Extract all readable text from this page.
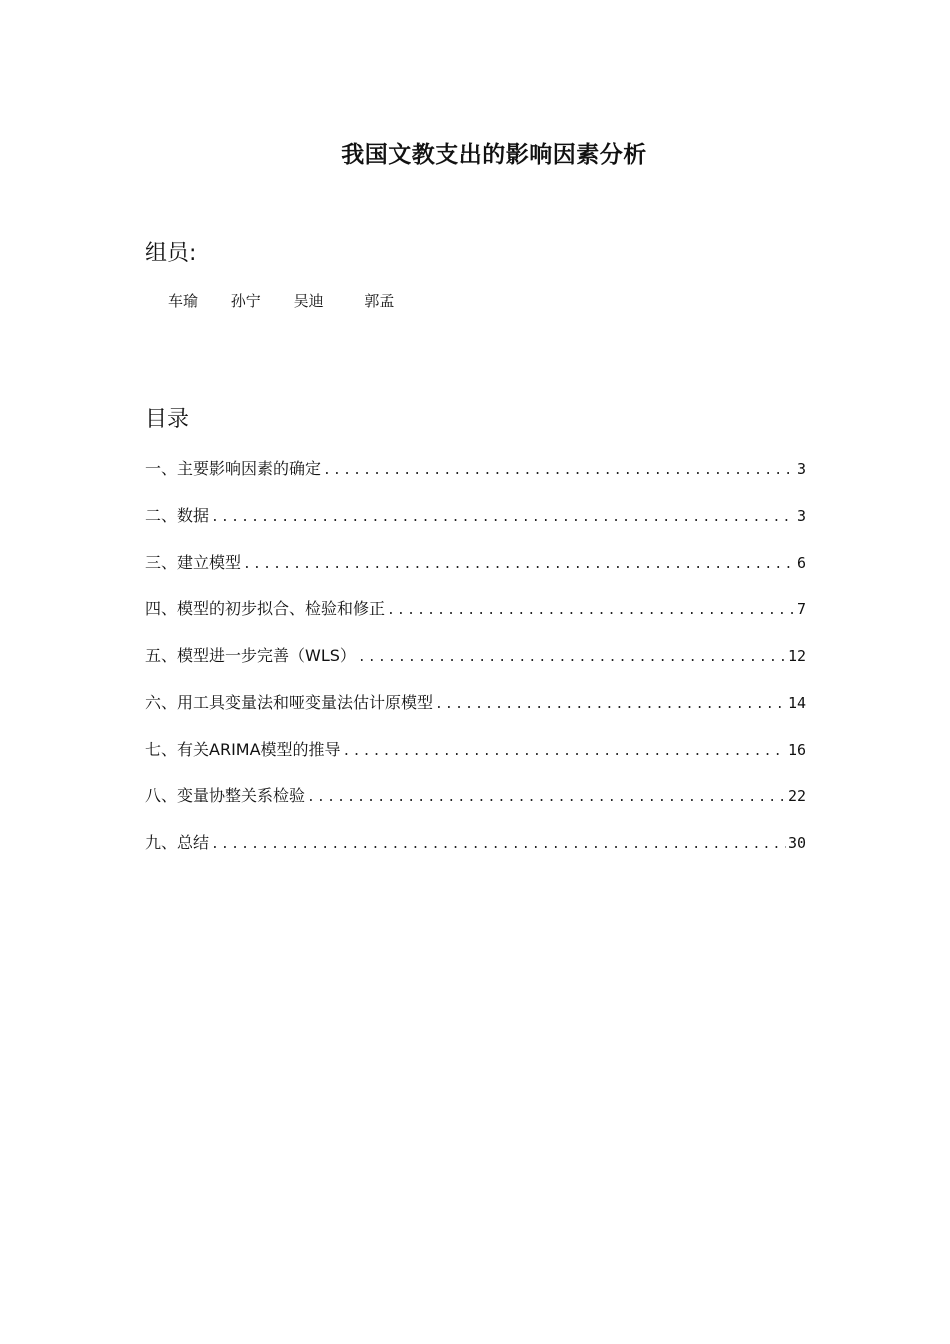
我国文教支出的影响因素分析
组员:
车瑜 孙宁 吴迪	郭孟
目录
一、主要影响因素的确定 .....	3
二、数据 .....	3
三、建立模型 .....	6
四、模型的初步拟合、检验和修正 .....	7
五、模型进一步完善（WLS） .....	12
六、用工具变量法和哑变量法估计原模型 .....	14
七、有关ARIMA模型的推导 .....	16
八、变量协整关系检验 .....	22
九、总结 .....	30
